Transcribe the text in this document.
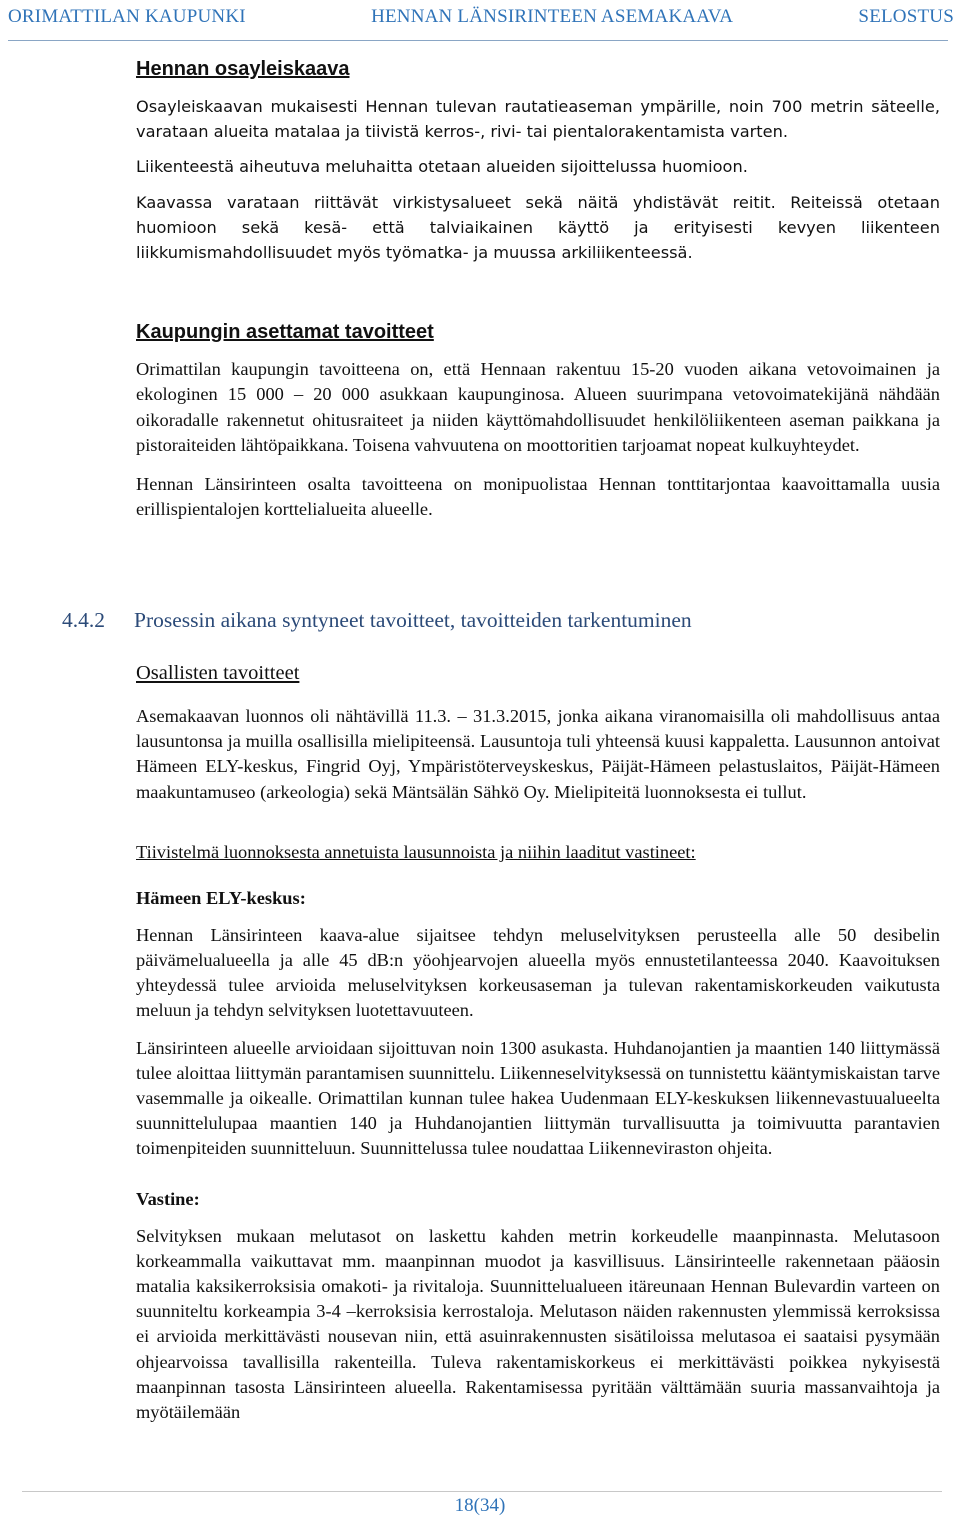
ORIMATTILAN KAUPUNKI	HENNAN LÄNSIRINTEEN ASEMAKAAVA	SELOSTUS
Hennan osayleiskaava

Osayleiskaavan mukaisesti Hennan tulevan rautatieaseman ympärille, noin 700 metrin säteelle, varataan alueita matalaa ja tiivistä kerros-, rivi- tai pientalorakentamista varten.

Liikenteestä aiheutuva meluhaitta otetaan alueiden sijoittelussa huomioon.

Kaavassa varataan riittävät virkistysalueet sekä näitä yhdistävät reitit. Reiteissä otetaan huomioon sekä kesä- että talviaikainen käyttö ja erityisesti kevyen liikenteen liikkumismahdollisuudet myös työmatka- ja muussa arkiliikenteessä.

Kaupungin asettamat tavoitteet

Orimattilan kaupungin tavoitteena on, että Hennaan rakentuu 15-20 vuoden aikana vetovoimainen ja ekologinen 15 000 – 20 000 asukkaan kaupunginosa. Alueen suurimpana vetovoimatekijänä nähdään oikoradalle rakennetut ohitusraiteet ja niiden käyttömahdollisuudet henkilöliikenteen aseman paikkana ja pistoraiteiden lähtöpaikkana. Toisena vahvuutena on moottoritien tarjoamat nopeat kulkuyhteydet.

Hennan Länsirinteen osalta tavoitteena on monipuolistaa Hennan tonttitarjontaa kaavoittamalla uusia erillispientalojen korttelialueita alueelle.

4.4.2	Prosessin aikana syntyneet tavoitteet, tavoitteiden tarkentuminen
Osallisten tavoitteet

Asemakaavan luonnos oli nähtävillä 11.3. – 31.3.2015, jonka aikana viranomaisilla oli mahdollisuus antaa lausuntonsa ja muilla osallisilla mielipiteensä. Lausuntoja tuli yhteensä kuusi kappaletta. Lausunnon antoivat Hämeen ELY-keskus, Fingrid Oyj, Ympäristöterveyskeskus, Päijät-Hämeen pelastuslaitos, Päijät-Hämeen maakuntamuseo (arkeologia) sekä Mäntsälän Sähkö Oy. Mielipiteitä luonnoksesta ei tullut.

Tiivistelmä luonnoksesta annetuista lausunnoista ja niihin laaditut vastineet:

Hämeen ELY-keskus:

Hennan Länsirinteen kaava-alue sijaitsee tehdyn meluselvityksen perusteella alle 50 desibelin päivämelualueella ja alle 45 dB:n yöohjearvojen alueella myös ennustetilanteessa 2040. Kaavoituksen yhteydessä tulee arvioida meluselvityksen korkeusaseman ja tulevan rakentamiskorkeuden vaikutusta meluun ja tehdyn selvityksen luotettavuuteen.

Länsirinteen alueelle arvioidaan sijoittuvan noin 1300 asukasta. Huhdanojantien ja maantien 140 liittymässä tulee aloittaa liittymän parantamisen suunnittelu. Liikenneselvityksessä on tunnistettu kääntymiskaistan tarve vasemmalle ja oikealle. Orimattilan kunnan tulee hakea Uudenmaan ELY-keskuksen liikennevastuualueelta suunnittelulupaa maantien 140 ja Huhdanojantien liittymän turvallisuutta ja toimivuutta parantavien toimenpiteiden suunnitteluun. Suunnittelussa tulee noudattaa Liikenneviraston ohjeita.

Vastine:

Selvityksen mukaan melutasot on laskettu kahden metrin korkeudelle maanpinnasta. Melutasoon korkeammalla vaikuttavat mm. maanpinnan muodot ja kasvillisuus. Länsirinteelle rakennetaan pääosin matalia kaksikerroksisia omakoti- ja rivitaloja. Suunnittelualueen itäreunaan Hennan Bulevardin varteen on suunniteltu korkeampia 3-4 –kerroksisia kerrostaloja. Melutason näiden rakennusten ylemmissä kerroksissa ei arvioida merkittävästi nousevan niin, että asuinrakennusten sisätiloissa melutasoa ei saataisi pysymään ohjearvoissa tavallisilla rakenteilla. Tuleva rakentamiskorkeus ei merkittävästi poikkea nykyisestä maanpinnan tasosta Länsirinteen alueella. Rakentamisessa pyritään välttämään suuria massanvaihtoja ja myötäilemään

18(34)
